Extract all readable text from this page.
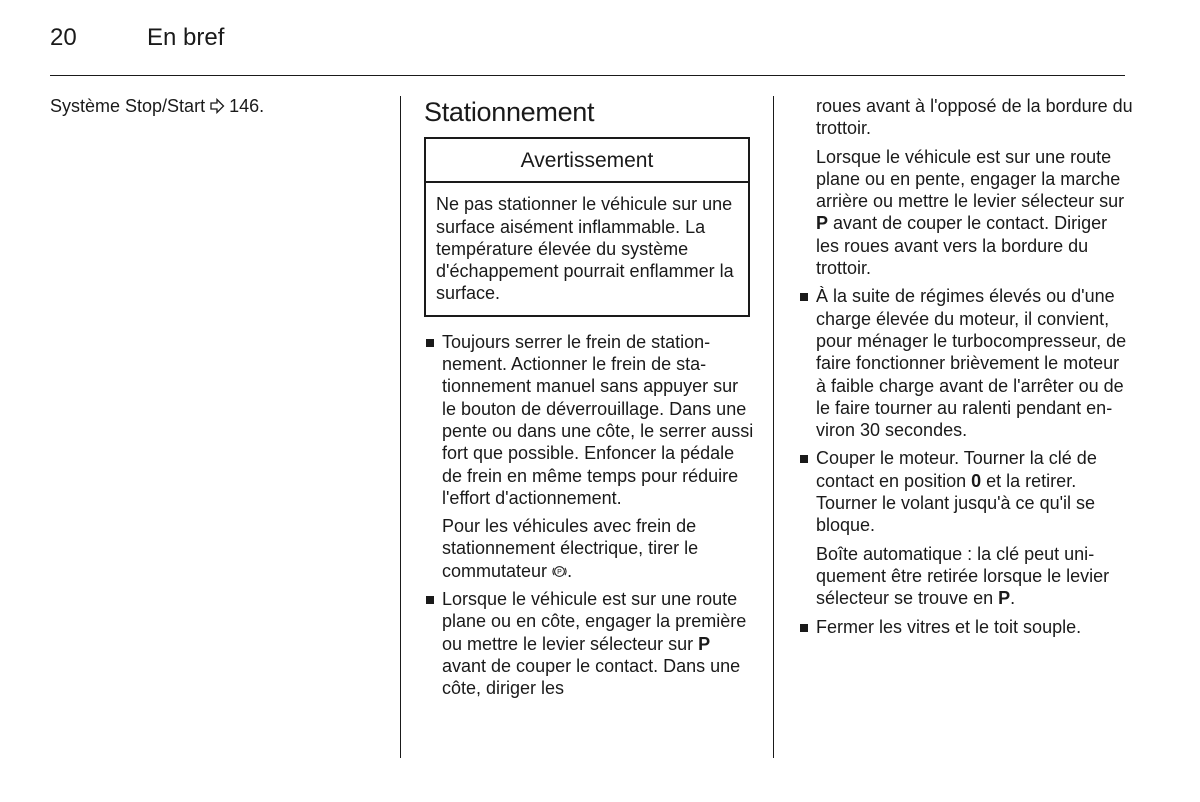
20	En bref

Système Stop/Start 146.	Stationnement
Avertissement
Ne pas stationner le véhicule sur une surface aisément inflammable. La température élevée du système d'échappement pourrait enflammer la surface.
Toujours serrer le frein de stationnement. Actionner le frein de stationnement manuel sans appuyer sur le bouton de déverrouillage. Dans une pente ou dans une côte, le serrer aussi fort que possible. Enfoncer la pédale de frein en même temps pour réduire l'effort d'actionnement.

Pour les véhicules avec frein de stationnement électrique, tirer le commutateur P .

Lorsque le véhicule est sur une route plane ou en côte, engager la première ou mettre le levier sélecteur sur P avant de couper le contact. Dans une côte, diriger les

roues avant à l'opposé de la bordure du trottoir.

Lorsque le véhicule est sur une route plane ou en pente, engager la marche arrière ou mettre le levier sélecteur sur P avant de couper le contact. Diriger les roues avant vers la bordure du trottoir.

À la suite de régimes élevés ou d'une charge élevée du moteur, il convient, pour ménager le turbocompresseur, de faire fonctionner brièvement le moteur à faible charge avant de l'arrêter ou de le faire tourner au ralenti pendant environ 30 secondes.
Couper le moteur. Tourner la clé de contact en position 0 et la retirer. Tourner le volant jusqu'à ce qu'il se bloque.

Boîte automatique : la clé peut uniquement être retirée lorsque le levier sélecteur se trouve en P.

Fermer les vitres et le toit souple.
